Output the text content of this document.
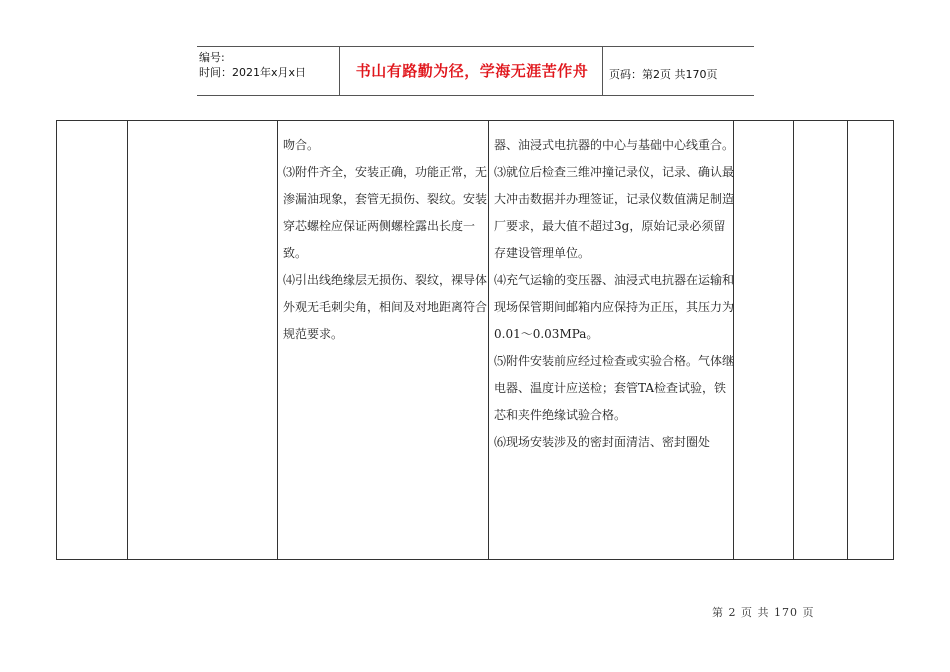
编号:
时间：2021年x月x日	书山有路勤为径，学海无涯苦作舟	页码：第2页 共170页

吻合。

⑶附件齐全，安装正确，功能正常，无渗漏油现象，套管无损伤、裂纹。安装穿芯螺栓应保证两侧螺栓露出长度一致。

⑷引出线绝缘层无损伤、裂纹，裸导体外观无毛刺尖角，相间及对地距离符合规范要求。

器、油浸式电抗器的中心与基础中心线重合。

⑶就位后检查三维冲撞记录仪，记录、确认最大冲击数据并办理签证，记录仪数值满足制造厂要求，最大值不超过3g，原始记录必须留存建设管理单位。

⑷充气运输的变压器、油浸式电抗器在运输和现场保管期间邮箱内应保持为正压，其压力为0.01～0.03MPa。

⑸附件安装前应经过检查或实验合格。气体继电器、温度计应送检；套管TA检查试验，铁芯和夹件绝缘试验合格。

⑹现场安装涉及的密封面清洁、密封圈处

第 2 页 共 170 页
